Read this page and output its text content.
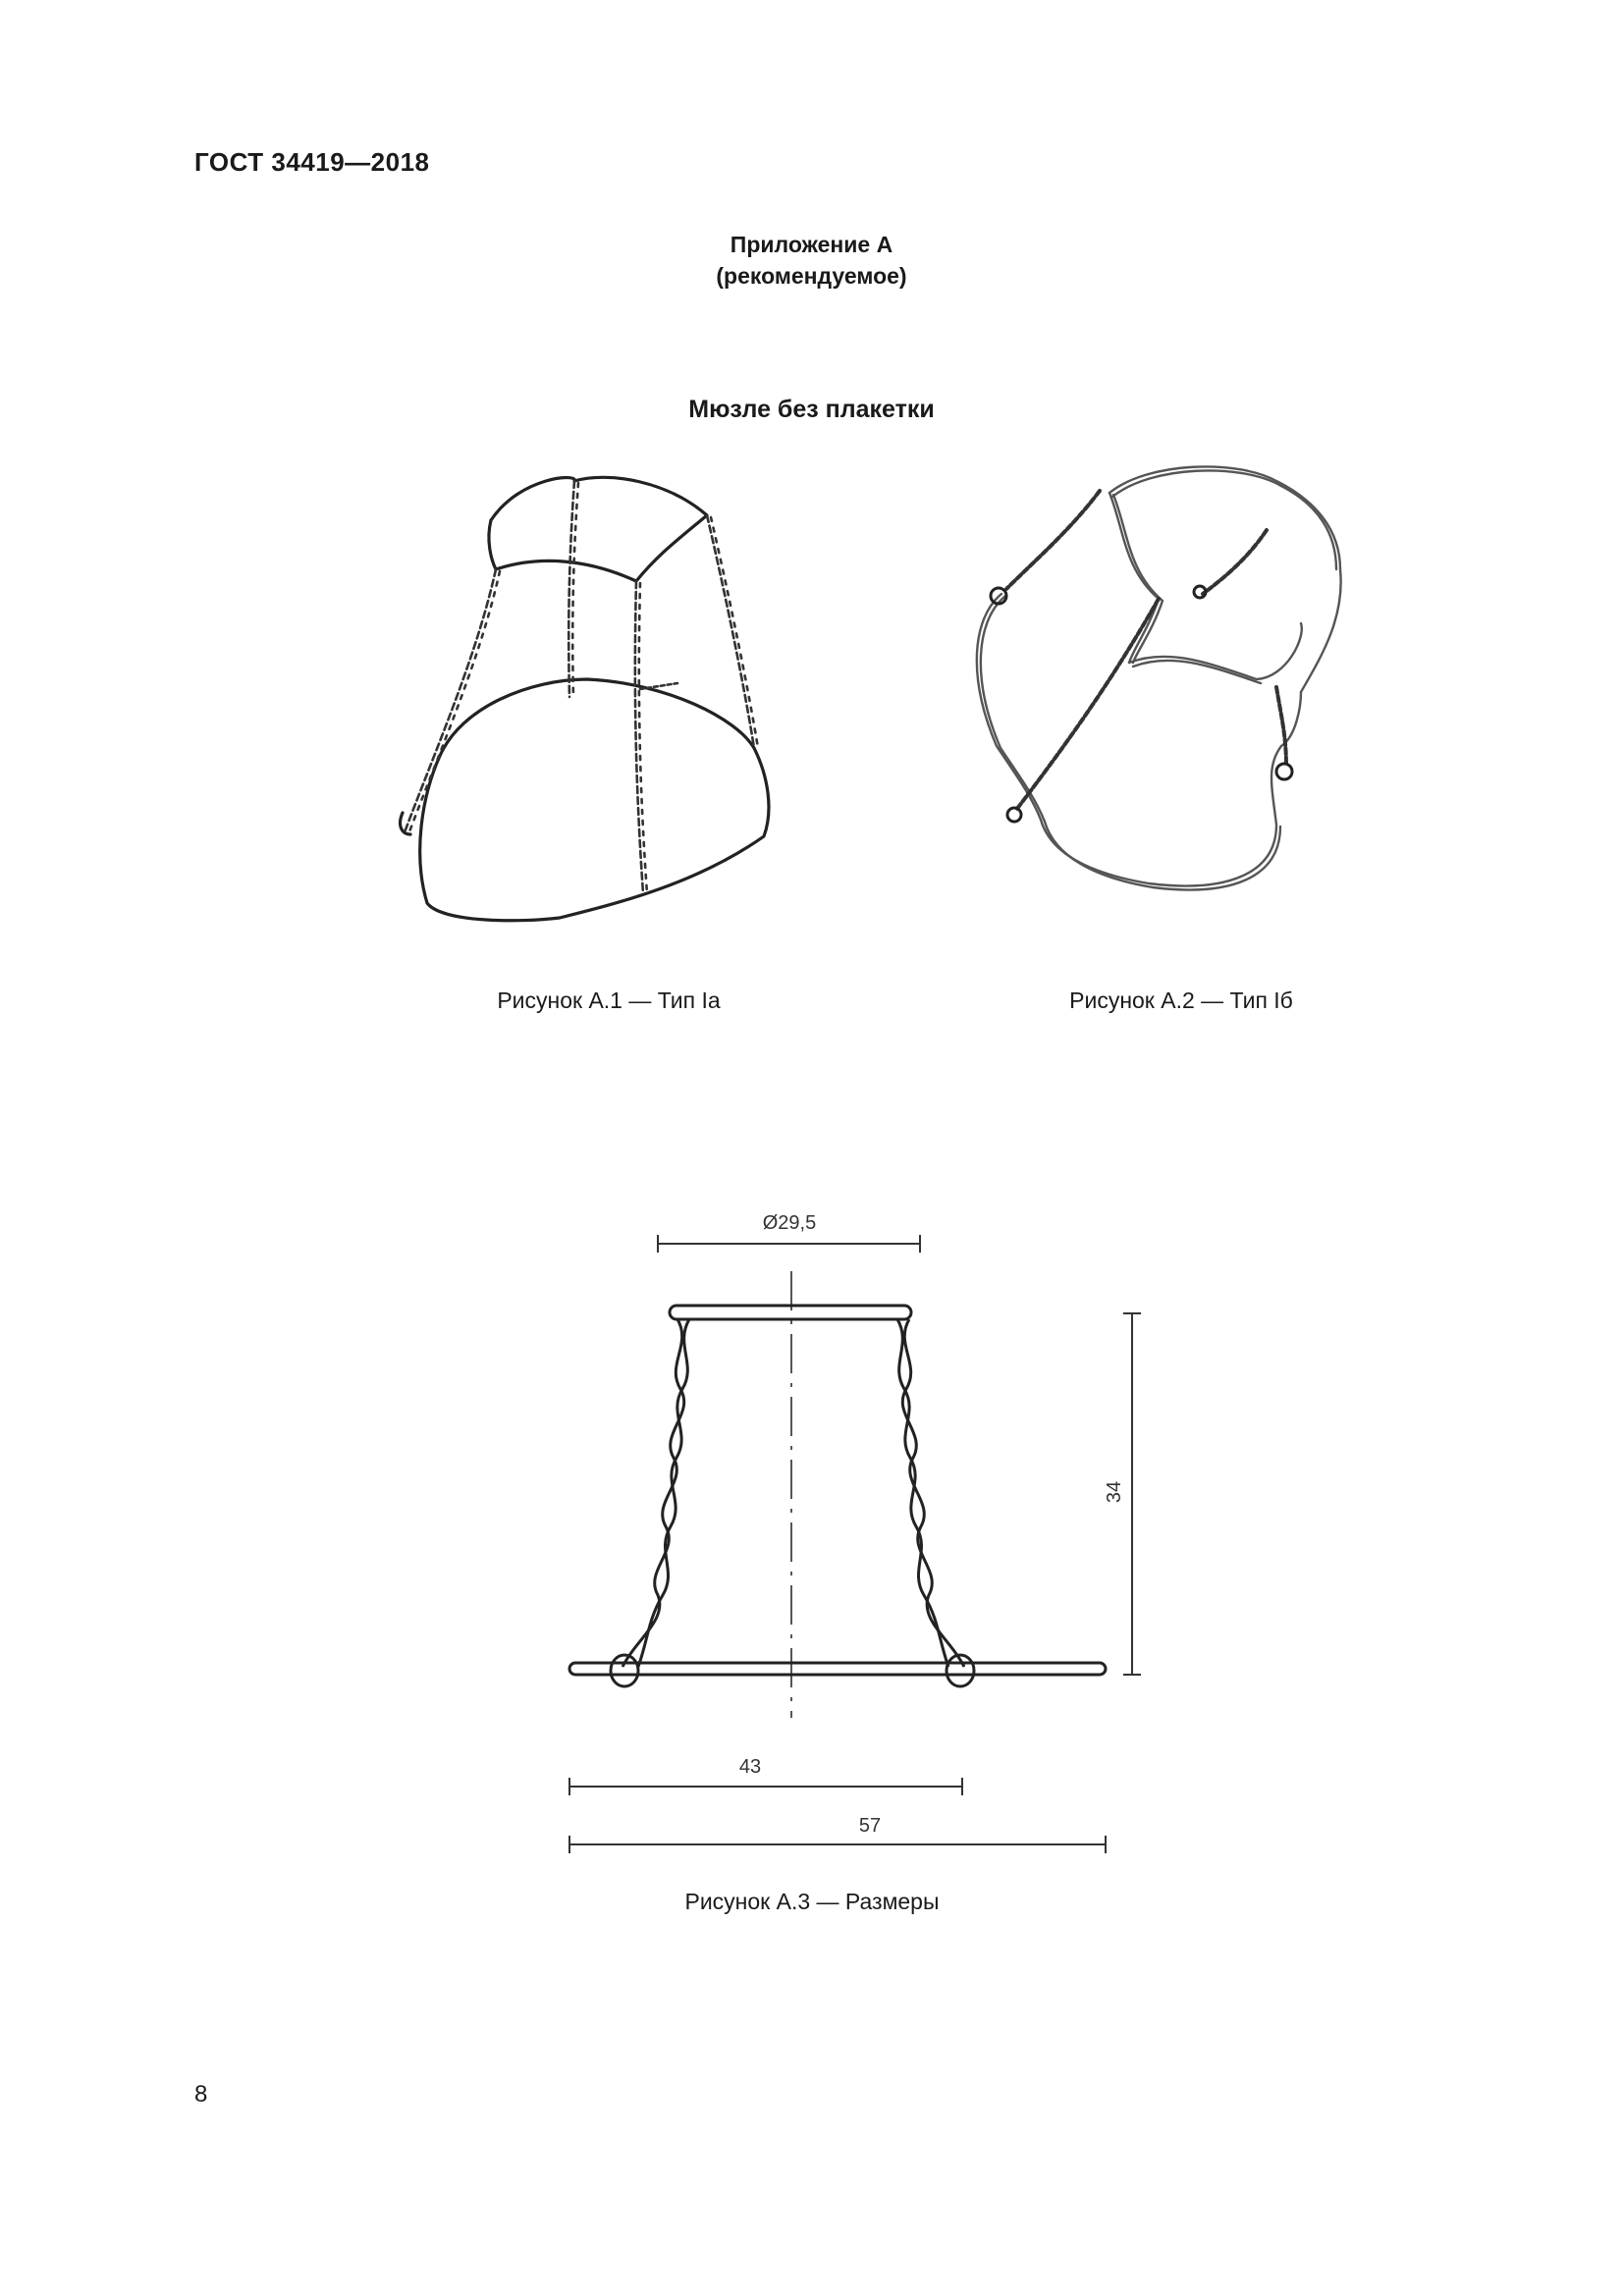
ГОСТ 34419—2018
Приложение А
(рекомендуемое)
Мюзле без плакетки
Рисунок А.1 — Тип Ia	Рисунок А.2 — Тип Iб
Ø29,5
34
43
57
Рисунок А.3 — Размеры
8
